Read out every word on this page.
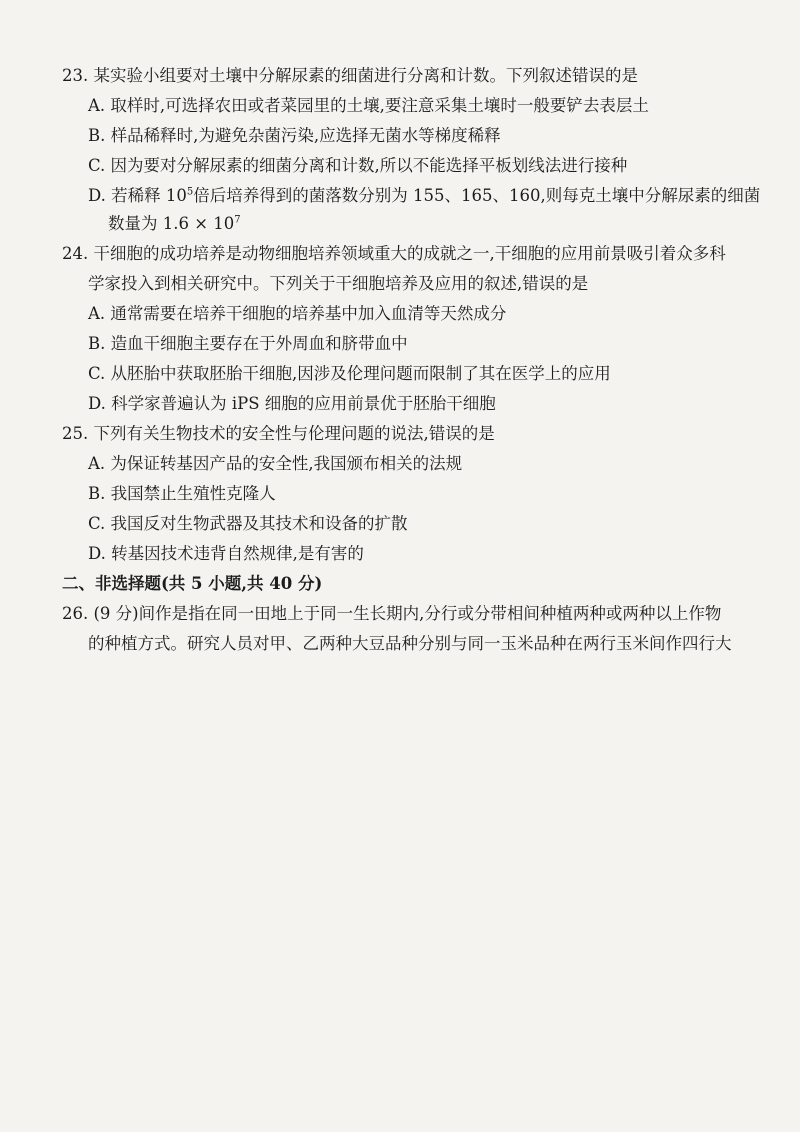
23. 某实验小组要对土壤中分解尿素的细菌进行分离和计数。下列叙述错误的是
A. 取样时,可选择农田或者菜园里的土壤,要注意采集土壤时一般要铲去表层土
B. 样品稀释时,为避免杂菌污染,应选择无菌水等梯度稀释
C. 因为要对分解尿素的细菌分离和计数,所以不能选择平板划线法进行接种
D. 若稀释 $10^5$倍后培养得到的菌落数分别为 155、165、160,则每克土壤中分解尿素的细菌
数量为 $1.6 \times 10^7$
24. 干细胞的成功培养是动物细胞培养领域重大的成就之一,干细胞的应用前景吸引着众多科
学家投入到相关研究中。下列关于干细胞培养及应用的叙述,错误的是
A. 通常需要在培养干细胞的培养基中加入血清等天然成分
B. 造血干细胞主要存在于外周血和脐带血中
C. 从胚胎中获取胚胎干细胞,因涉及伦理问题而限制了其在医学上的应用
D. 科学家普遍认为 iPS 细胞的应用前景优于胚胎干细胞
25. 下列有关生物技术的安全性与伦理问题的说法,错误的是
A. 为保证转基因产品的安全性,我国颁布相关的法规
B. 我国禁止生殖性克隆人
C. 我国反对生物武器及其技术和设备的扩散
D. 转基因技术违背自然规律,是有害的
二、非选择题(共 5 小题,共 40 分)
26. (9 分)间作是指在同一田地上于同一生长期内,分行或分带相间种植两种或两种以上作物
的种植方式。研究人员对甲、乙两种大豆品种分别与同一玉米品种在两行玉米间作四行大
